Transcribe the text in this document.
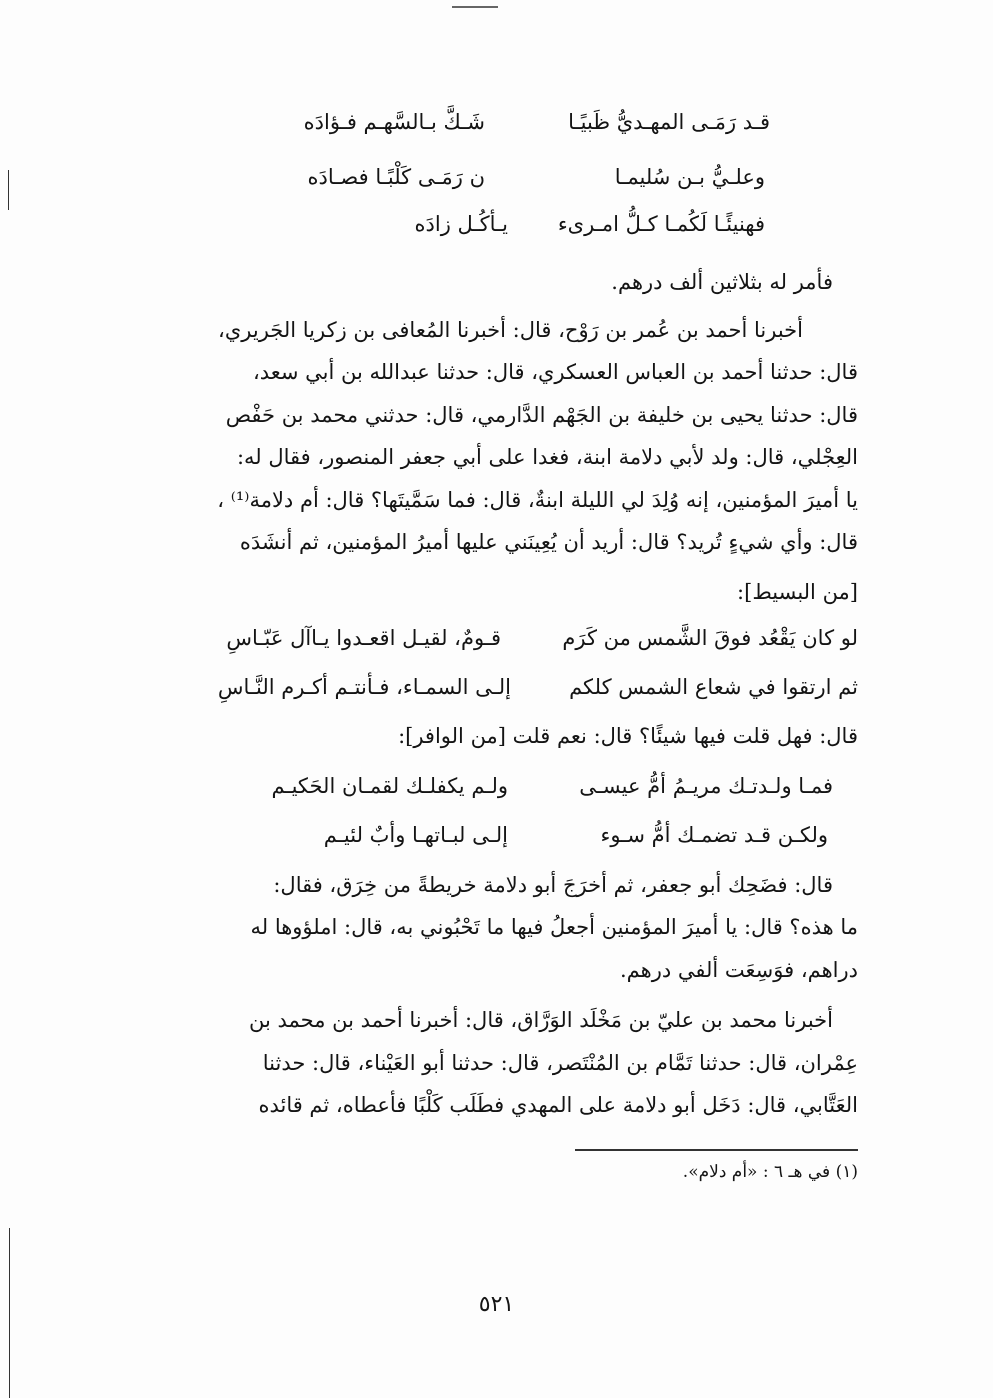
قـد رَمَـى المهـديُّ ظَبيًـا
شَـكَّ بـالسَّهـم فـؤادَه
وعلـيُّ بـن سُليمـا
ن رَمَـى كَلْبًـا فصـادَه
فهنيئًـا لَكُمـا كـلُّ امـرىء
يـأكُـل زادَه
فأمر له بثلاثين ألف درهم.
أخبرنا أحمد بن عُمر بن رَوْح، قال: أخبرنا المُعافى بن زكريا الجَريري،
قال: حدثنا أحمد بن العباس العسكري، قال: حدثنا عبدالله بن أبي سعد،
قال: حدثنا يحيى بن خليفة بن الجَهْم الدَّارمي، قال: حدثني محمد بن حَفْص
العِجْلي، قال: ولد لأبي دلامة ابنة، فغدا على أبي جعفر المنصور، فقال له:
يا أميرَ المؤمنين، إنه وُلِدَ لي الليلة ابنةٌ، قال: فما سَمَّيتَها؟ قال: أم دلامة⁽¹⁾ ،
قال: وأي شيءٍ تُريد؟ قال: أريد أن يُعِينَني عليها أميرُ المؤمنين، ثم أنشَدَه
[من البسيط]:
لو كان يَقْعُد فوقَ الشَّمس من كَرَم
قـومٌ، لقيـل اقعـدوا يـاآل عَبّـاسِ
ثم ارتقوا في شعاع الشمس كلكم
إلـى السمـاء، فـأنتـم أكـرم النَّـاسِ
قال: فهل قلت فيها شيئًا؟ قال: نعم قلت [من الوافر]:
فمـا ولـدتـك مريـمُ أمُّ عيسـى
ولـم يكفلـك لقمـان الحَكيـم
ولكـن قـد تضمـك أمُّ سـوء
إلـى لبـاتهـا وأبٌ لئيـم
قال: فضَحِك أبو جعفر، ثم أخرَجَ أبو دلامة خريطةً من خِرَق، فقال:
ما هذه؟ قال: يا أميرَ المؤمنين أجعلُ فيها ما تَحْبُوني به، قال: املؤوها له
دراهم، فوَسِعَت ألفي درهم.
أخبرنا محمد بن عليّ بن مَخْلَد الوَرَّاق، قال: أخبرنا أحمد بن محمد بن
عِمْران، قال: حدثنا تَمَّام بن المُنْتَصر، قال: حدثنا أبو العَيْناء، قال: حدثنا
العَتَّابي، قال: دَخَل أبو دلامة على المهدي فطَلَب كَلْبًا فأعطاه، ثم قائده
(١) في هـ ٦ : «أم دلام».
٥٢١
